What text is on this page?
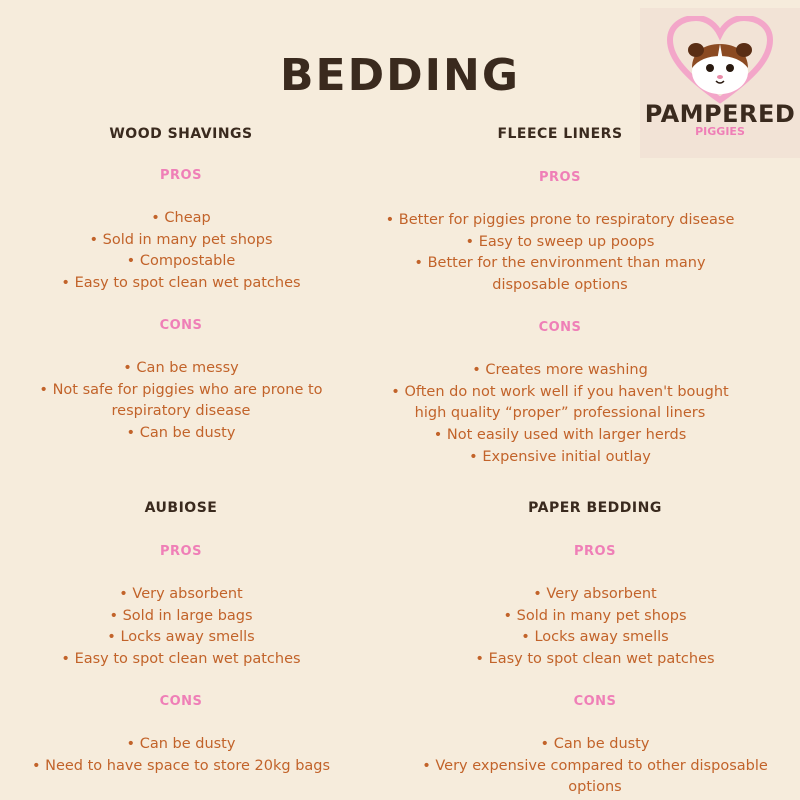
BEDDING
PAMPERED
PIGGIES
WOOD SHAVINGS
PROS
• Cheap
• Sold in many pet shops
• Compostable
• Easy to spot clean wet patches
CONS
• Can be messy
• Not safe for piggies who are prone to respiratory disease
• Can be dusty
FLEECE LINERS
PROS
• Better for piggies prone to respiratory disease
• Easy to sweep up poops
• Better for the environment than many disposable options
CONS
• Creates more washing
• Often do not work well if you haven't bought high quality “proper” professional liners
• Not easily used with larger herds
• Expensive initial outlay
AUBIOSE
PROS
• Very absorbent
• Sold in large bags
• Locks away smells
• Easy to spot clean wet patches
CONS
• Can be dusty
• Need to have space to store 20kg bags
PAPER BEDDING
PROS
• Very absorbent
• Sold in many pet shops
• Locks away smells
• Easy to spot clean wet patches
CONS
• Can be dusty
• Very expensive compared to other disposable options
